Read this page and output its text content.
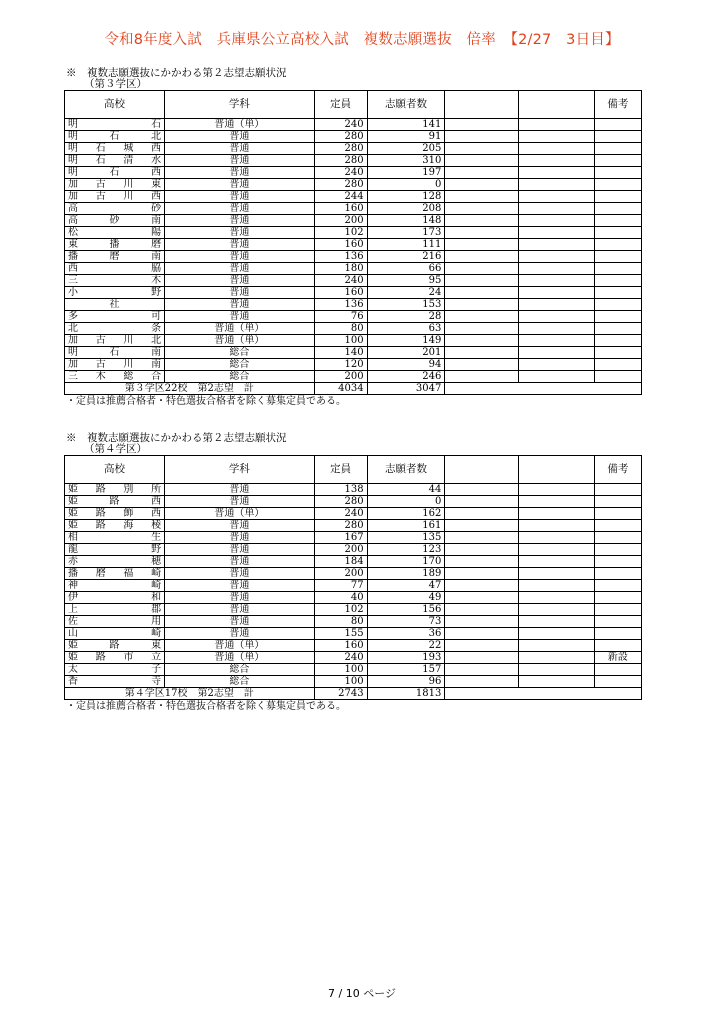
令和8年度入試　兵庫県公立高校入試　複数志願選抜　倍率　【2/27　3日目】
※　複数志願選抜にかかわる第２志望志願状況
（第３学区）
高校	学科	定員	志願者数			備考
明石	普通（単）	240	141			
明石北	普通	280	91			
明石城西	普通	280	205			
明石清水	普通	280	310			
明石西	普通	240	197			
加古川東	普通	280	0			
加古川西	普通	244	128			
高砂	普通	160	208			
高砂南	普通	200	148			
松陽	普通	102	173			
東播磨	普通	160	111			
播磨南	普通	136	216			
西脇	普通	180	66			
三木	普通	240	95			
小野	普通	160	24			
社	普通	136	153			
多可	普通	76	28			
北条	普通（単）	80	63			
加古川北	普通（単）	100	149			
明石南	総合	140	201			
加古川南	総合	120	94			
三木総合	総合	200	246			
第３学区22校　第2志望　計		4034	3047			
・定員は推薦合格者・特色選抜合格者を除く募集定員である。
※　複数志願選抜にかかわる第２志望志願状況
（第４学区）
高校	学科	定員	志願者数			備考
姫路別所	普通	138	44			
姫路西	普通	280	0			
姫路飾西	普通（単）	240	162			
姫路海稜	普通	280	161			
相生	普通	167	135			
龍野	普通	200	123			
赤穂	普通	184	170			
播磨福崎	普通	200	189			
神崎	普通	77	47			
伊和	普通	40	49			
上郡	普通	102	156			
佐用	普通	80	73			
山崎	普通	155	36			
姫路東	普通（単）	160	22			
姫路市立	普通（単）	240	193			新設
太子	総合	100	157			
香寺	総合	100	96			
第４学区17校　第2志望　計		2743	1813			
・定員は推薦合格者・特色選抜合格者を除く募集定員である。
7 / 10 ページ
